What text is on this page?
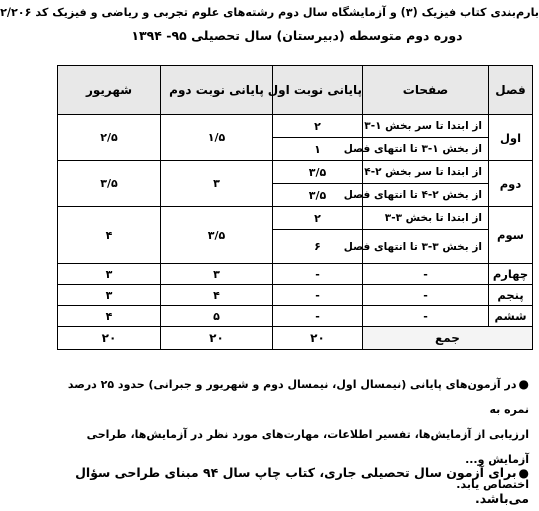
بارم‌بندی کتاب فیزیک (۳) و آزمایشگاه سال دوم رشته‌های علوم تجربی و ریاضی و فیزیک کد ۲/۲۰۶
دوره دوم متوسطه (دبیرستان) سال تحصیلی ۹۵- ۱۳۹۴
فصل	صفحات	پایانی نوبت اول	پایانی نوبت دوم	شهریور
اول	از ابتدا تا سر بخش ۱-۳	۲	۱/۵	۲/۵
	از بخش ۱-۳ تا انتهای فصل	۱		
دوم	از ابتدا تا سر بخش ۲-۴	۳/۵	۳	۳/۵
	از بخش ۲-۴ تا انتهای فصل	۳/۵		
سوم	از ابتدا تا بخش ۳-۳	۲	۳/۵	۴
	از بخش ۳-۳ تا انتهای فصل	۶		
چهارم	-	-	۳	۳
پنجم	-	-	۴	۳
ششم	-	-	۵	۴
جمع		۲۰	۲۰	۲۰
●در آزمون‌های پایانی (نیمسال اول، نیمسال دوم و شهریور و جبرانی) حدود ۲۵ درصد نمره به
ارزیابی از آزمایش‌ها، تفسیر اطلاعات، مهارت‌های مورد نظر در آزمایش‌ها، طراحی آزمایش و...
اختصاص یابد.
●برای آزمون سال تحصیلی جاری، کتاب چاپ سال ۹۴ مبنای طراحی سؤال می‌باشد.
